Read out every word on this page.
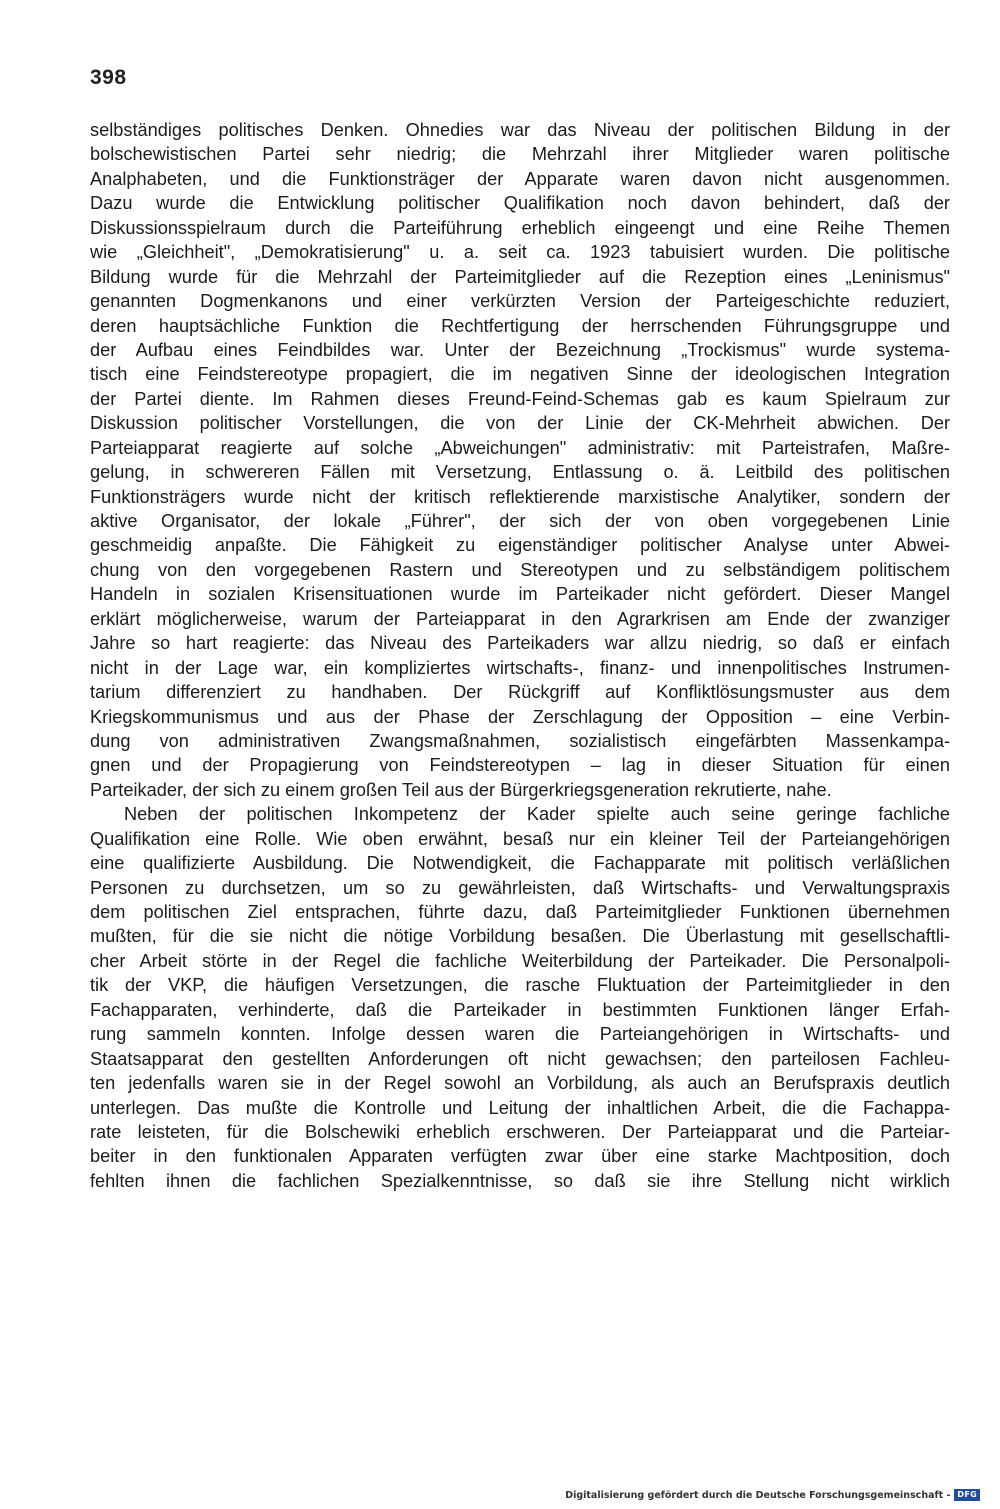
398
selbständiges politisches Denken. Ohnedies war das Niveau der politischen Bildung in der
bolschewistischen Partei sehr niedrig; die Mehrzahl ihrer Mitglieder waren politische
Analphabeten, und die Funktionsträger der Apparate waren davon nicht ausgenommen.
Dazu wurde die Entwicklung politischer Qualifikation noch davon behindert, daß der
Diskussionsspielraum durch die Parteiführung erheblich eingeengt und eine Reihe Themen
wie „Gleichheit", „Demokratisierung" u. a. seit ca. 1923 tabuisiert wurden. Die politische
Bildung wurde für die Mehrzahl der Parteimitglieder auf die Rezeption eines „Leninismus"
genannten Dogmenkanons und einer verkürzten Version der Parteigeschichte reduziert,
deren hauptsächliche Funktion die Rechtfertigung der herrschenden Führungsgruppe und
der Aufbau eines Feindbildes war. Unter der Bezeichnung „Trockismus" wurde systema-
tisch eine Feindstereotype propagiert, die im negativen Sinne der ideologischen Integration
der Partei diente. Im Rahmen dieses Freund-Feind-Schemas gab es kaum Spielraum zur
Diskussion politischer Vorstellungen, die von der Linie der CK-Mehrheit abwichen. Der
Parteiapparat reagierte auf solche „Abweichungen" administrativ: mit Parteistrafen, Maßre-
gelung, in schwereren Fällen mit Versetzung, Entlassung o. ä. Leitbild des politischen
Funktionsträgers wurde nicht der kritisch reflektierende marxistische Analytiker, sondern der
aktive Organisator, der lokale „Führer", der sich der von oben vorgegebenen Linie
geschmeidig anpaßte. Die Fähigkeit zu eigenständiger politischer Analyse unter Abwei-
chung von den vorgegebenen Rastern und Stereotypen und zu selbständigem politischem
Handeln in sozialen Krisensituationen wurde im Parteikader nicht gefördert. Dieser Mangel
erklärt möglicherweise, warum der Parteiapparat in den Agrarkrisen am Ende der zwanziger
Jahre so hart reagierte: das Niveau des Parteikaders war allzu niedrig, so daß er einfach
nicht in der Lage war, ein kompliziertes wirtschafts-, finanz- und innenpolitisches Instrumen-
tarium differenziert zu handhaben. Der Rückgriff auf Konfliktlösungsmuster aus dem
Kriegskommunismus und aus der Phase der Zerschlagung der Opposition – eine Verbin-
dung von administrativen Zwangsmaßnahmen, sozialistisch eingefärbten Massenkampa-
gnen und der Propagierung von Feindstereotypen – lag in dieser Situation für einen
Parteikader, der sich zu einem großen Teil aus der Bürgerkriegsgeneration rekrutierte, nahe.
Neben der politischen Inkompetenz der Kader spielte auch seine geringe fachliche
Qualifikation eine Rolle. Wie oben erwähnt, besaß nur ein kleiner Teil der Parteiangehörigen
eine qualifizierte Ausbildung. Die Notwendigkeit, die Fachapparate mit politisch verläßlichen
Personen zu durchsetzen, um so zu gewährleisten, daß Wirtschafts- und Verwaltungspraxis
dem politischen Ziel entsprachen, führte dazu, daß Parteimitglieder Funktionen übernehmen
mußten, für die sie nicht die nötige Vorbildung besaßen. Die Überlastung mit gesellschaftli-
cher Arbeit störte in der Regel die fachliche Weiterbildung der Parteikader. Die Personalpoli-
tik der VKP, die häufigen Versetzungen, die rasche Fluktuation der Parteimitglieder in den
Fachapparaten, verhinderte, daß die Parteikader in bestimmten Funktionen länger Erfah-
rung sammeln konnten. Infolge dessen waren die Parteiangehörigen in Wirtschafts- und
Staatsapparat den gestellten Anforderungen oft nicht gewachsen; den parteilosen Fachleu-
ten jedenfalls waren sie in der Regel sowohl an Vorbildung, als auch an Berufspraxis deutlich
unterlegen. Das mußte die Kontrolle und Leitung der inhaltlichen Arbeit, die die Fachappa-
rate leisteten, für die Bolschewiki erheblich erschweren. Der Parteiapparat und die Parteiar-
beiter in den funktionalen Apparaten verfügten zwar über eine starke Machtposition, doch
fehlten ihnen die fachlichen Spezialkenntnisse, so daß sie ihre Stellung nicht wirklich
Digitalisierung gefördert durch die Deutsche Forschungsgemeinschaft - DFG
